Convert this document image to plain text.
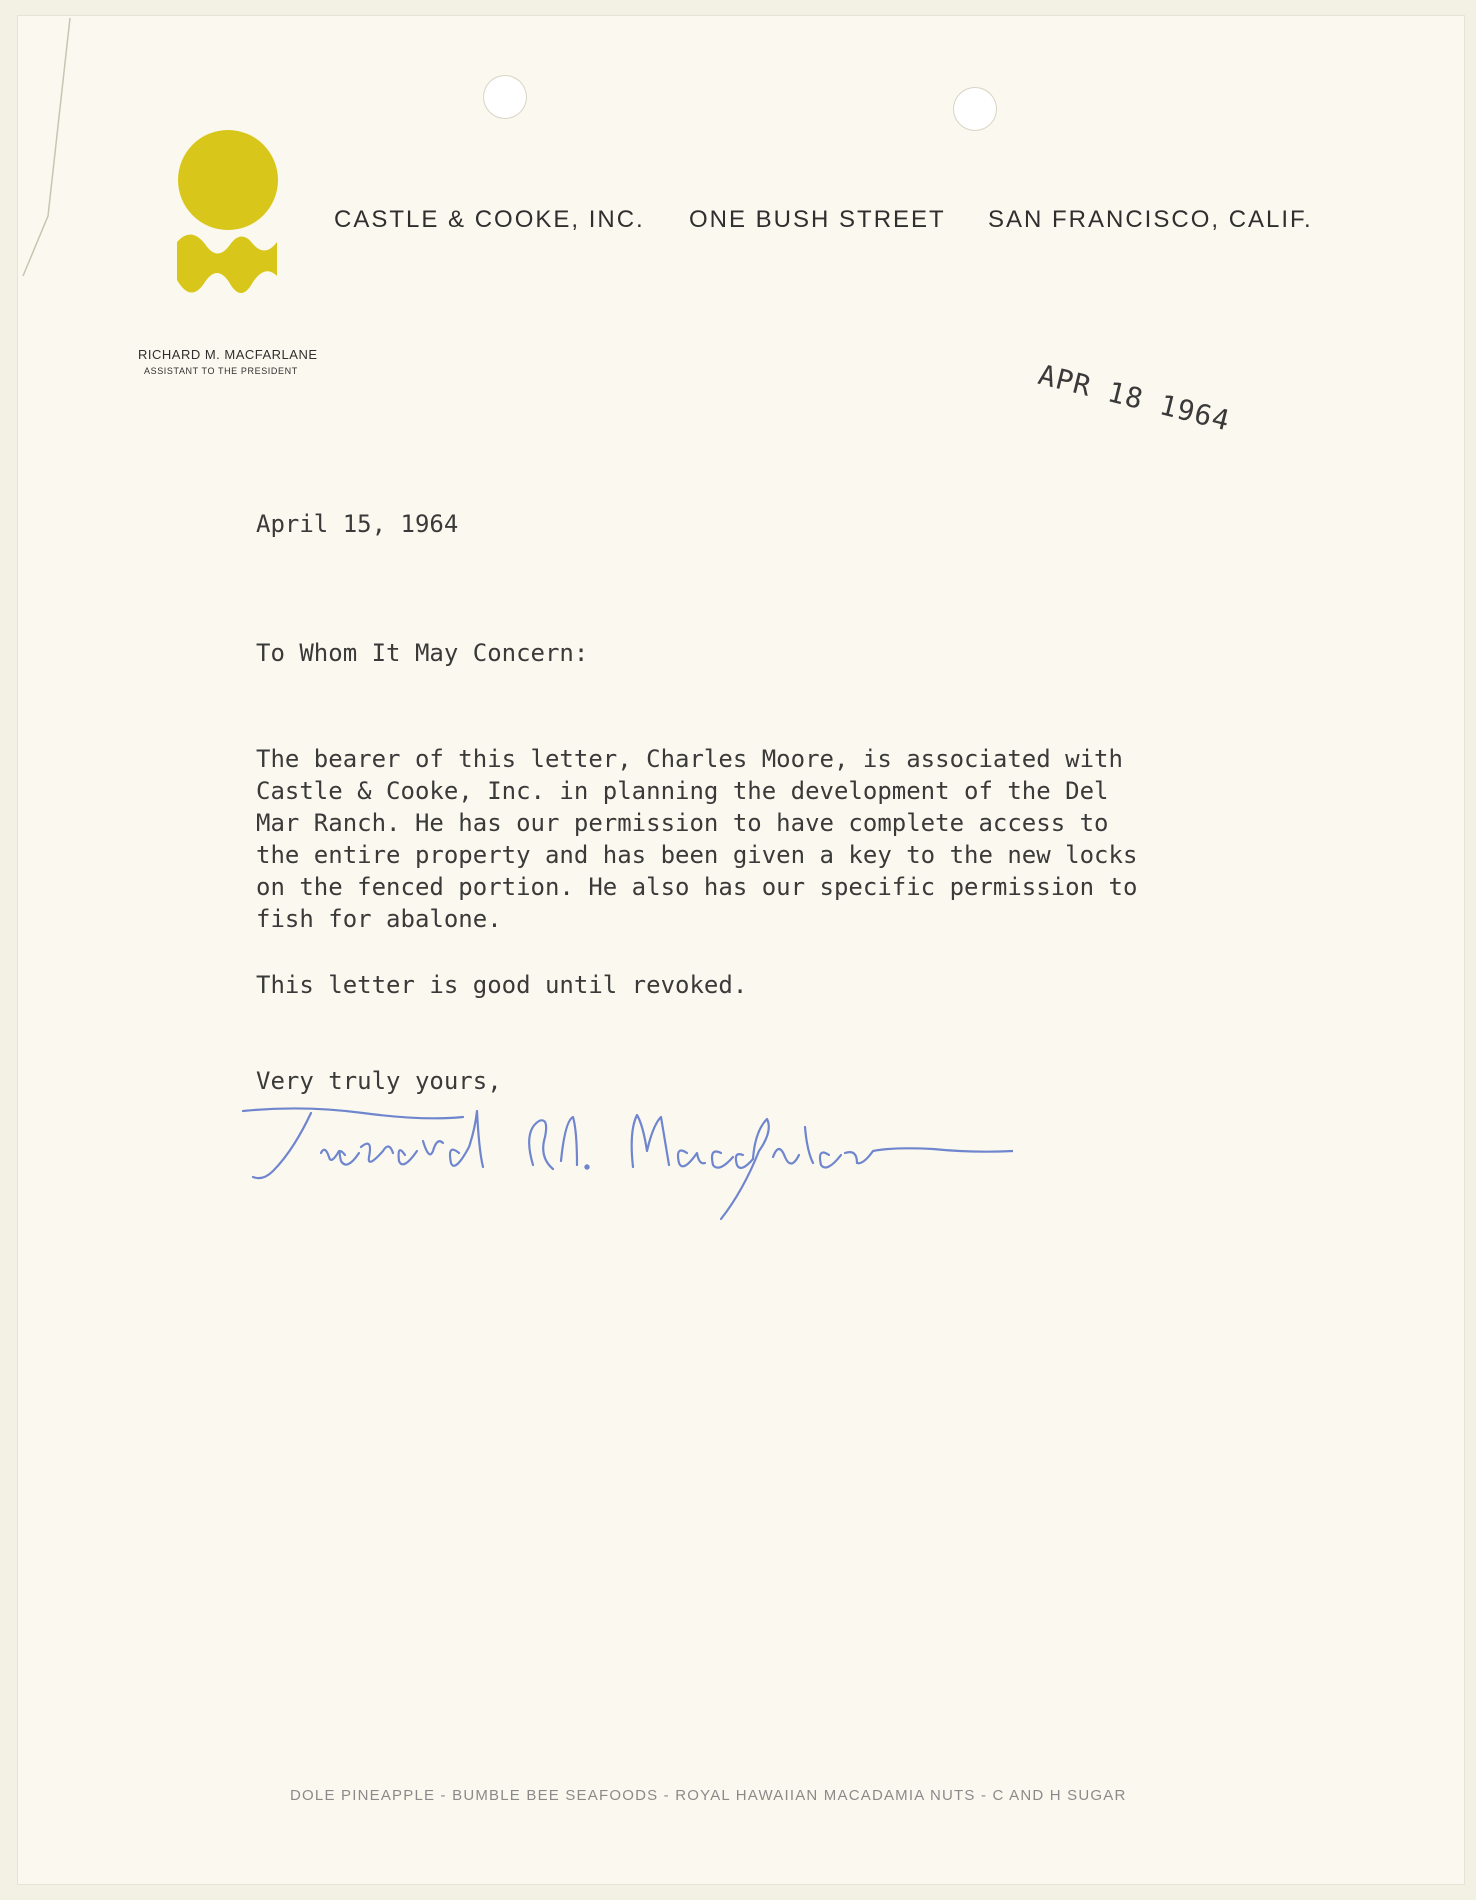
CASTLE & COOKE, INC. ONE BUSH STREET SAN FRANCISCO, CALIF.
RICHARD M. MACFARLANE
ASSISTANT TO THE PRESIDENT	APR 18 1964
April 15, 1964
To Whom It May Concern:
The bearer of this letter, Charles Moore, is associated with
Castle & Cooke, Inc. in planning the development of the Del
Mar Ranch. He has our permission to have complete access to
the entire property and has been given a key to the new locks
on the fenced portion. He also has our specific permission to
fish for abalone.
This letter is good until revoked.
Very truly yours,
DOLE PINEAPPLE - BUMBLE BEE SEAFOODS - ROYAL HAWAIIAN MACADAMIA NUTS - C AND H SUGAR
